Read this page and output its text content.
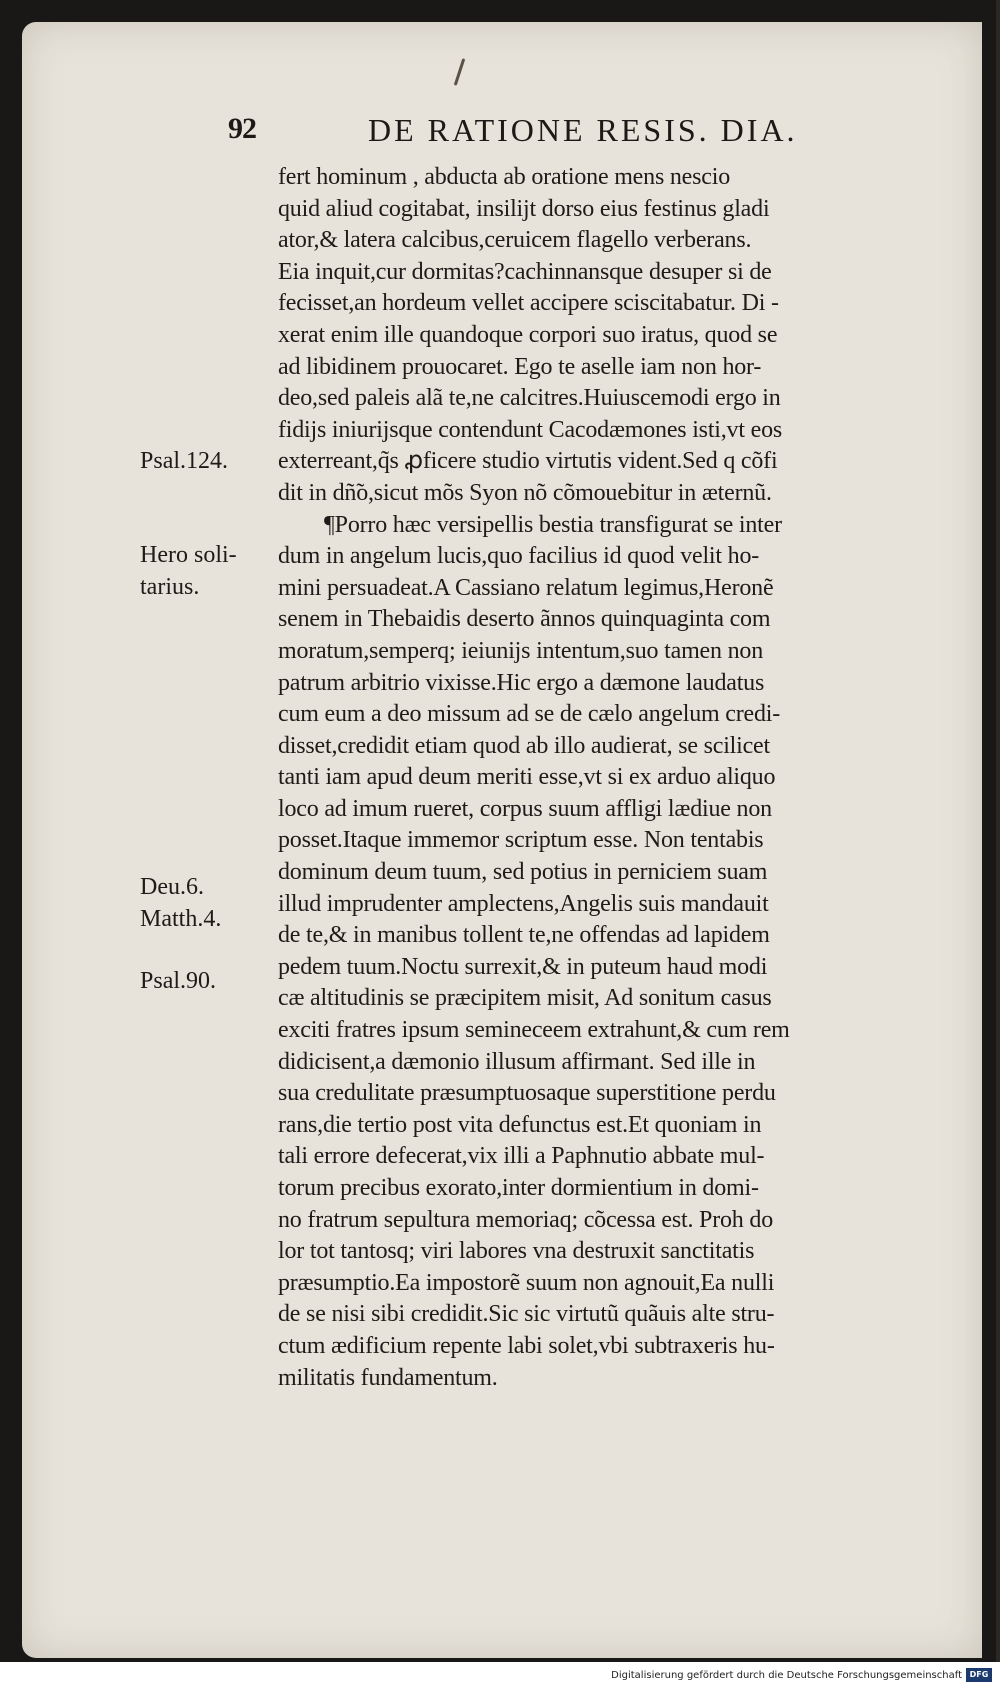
92	DE RATIONE RESIS. DIA.
fert hominum , abducta ab oratione mens nescio
quid aliud cogitabat, insilijt dorso eius festinus gladi
ator,& latera calcibus,ceruicem flagello verberans.
Eia inquit,cur dormitas?cachinnansque desuper si de
fecisset,an hordeum vellet accipere sciscitabatur. Di -
xerat enim ille quandoque corpori suo iratus, quod se
ad libidinem prouocaret. Ego te aselle iam non hor-
deo,sed paleis alã te,ne calcitres.Huiuscemodi ergo in
fidijs iniurijsque contendunt Cacodæmones isti,vt eos
exterreant,q̃s ꝓficere studio virtutis vident.Sed q cõfi
dit in dñ̃o,sicut mõs Syon nõ cõmouebitur in æternũ.
¶Porro hæc versipellis bestia transfigurat se inter
dum in angelum lucis,quo facilius id quod velit ho-
mini persuadeat.A Cassiano relatum legimus,Heronẽ
senem in Thebaidis deserto ãnnos quinquaginta com
moratum,semperq; ieiunijs intentum,suo tamen non
patrum arbitrio vixisse.Hic ergo a dæmone laudatus
cum eum a deo missum ad se de cælo angelum credi-
disset,credidit etiam quod ab illo audierat, se scilicet
tanti iam apud deum meriti esse,vt si ex arduo aliquo
loco ad imum rueret, corpus suum affligi lædiue non
posset.Itaque immemor scriptum esse. Non tentabis
dominum deum tuum, sed potius in perniciem suam
illud imprudenter amplectens,Angelis suis mandauit
de te,& in manibus tollent te,ne offendas ad lapidem
pedem tuum.Noctu surrexit,& in puteum haud modi
cæ altitudinis se præcipitem misit, Ad sonitum casus
exciti fratres ipsum semineceem extrahunt,& cum rem
didicisent,a dæmonio illusum affirmant. Sed ille in
sua credulitate præsumptuosaque superstitione perdu
rans,die tertio post vita defunctus est.Et quoniam in
tali errore defecerat,vix illi a Paphnutio abbate mul-
torum precibus exorato,inter dormientium in domi-
no fratrum sepultura memoriaq; cõcessa est. Proh do
lor tot tantosq; viri labores vna destruxit sanctitatis
præsumptio.Ea impostorẽ suum non agnouit,Ea nulli
de se nisi sibi credidit.Sic sic virtutũ quãuis alte stru-
ctum ædificium repente labi solet,vbi subtraxeris hu-
militatis fundamentum.
Psal.124.
Hero soli-
tarius.
Deu.6.
Matth.4.
Psal.90.
Digitalisierung gefördert durch die Deutsche Forschungsgemeinschaft DFG
